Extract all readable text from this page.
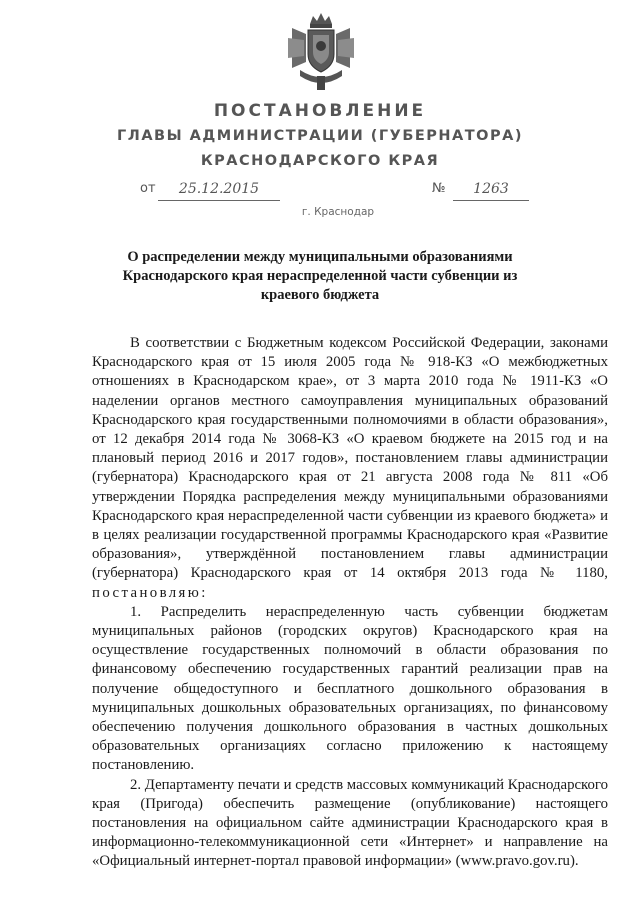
ПОСТАНОВЛЕНИЕ
ГЛАВЫ АДМИНИСТРАЦИИ (ГУБЕРНАТОРА)
КРАСНОДАРСКОГО КРАЯ
от	25.12.2015	№	1263
г. Краснодар
О распределении между муниципальными образованиями Краснодарского края нераспределенной части субвенции из краевого бюджета

В соответствии с Бюджетным кодексом Российской Федерации, законами Краснодарского края от 15 июля 2005 года № 918-КЗ «О межбюджетных отношениях в Краснодарском крае», от 3 марта 2010 года № 1911-КЗ «О наделении органов местного самоуправления муниципальных образований Краснодарского края государственными полномочиями в области образования», от 12 декабря 2014 года № 3068-КЗ «О краевом бюджете на 2015 год и на плановый период 2016 и 2017 годов», постановлением главы администрации (губернатора) Краснодарского края от 21 августа 2008 года № 811 «Об утверждении Порядка распределения между муниципальными образованиями Краснодарского края нераспределенной части субвенции из краевого бюджета» и в целях реализации государственной программы Краснодарского края «Развитие образования», утверждённой постановлением главы администрации (губернатора) Краснодарского края от 14 октября 2013 года № 1180, постановляю:

1. Распределить нераспределенную часть субвенции бюджетам муниципальных районов (городских округов) Краснодарского края на осуществление государственных полномочий в области образования по финансовому обеспечению государственных гарантий реализации прав на получение общедоступного и бесплатного дошкольного образования в муниципальных дошкольных образовательных организациях, по финансовому обеспечению получения дошкольного образования в частных дошкольных образовательных организациях согласно приложению к настоящему постановлению.

2. Департаменту печати и средств массовых коммуникаций Краснодарского края (Пригода) обеспечить размещение (опубликование) настоящего постановления на официальном сайте администрации Краснодарского края в информационно-телекоммуникационной сети «Интернет» и направление на «Официальный интернет-портал правовой информации» (www.pravo.gov.ru).
